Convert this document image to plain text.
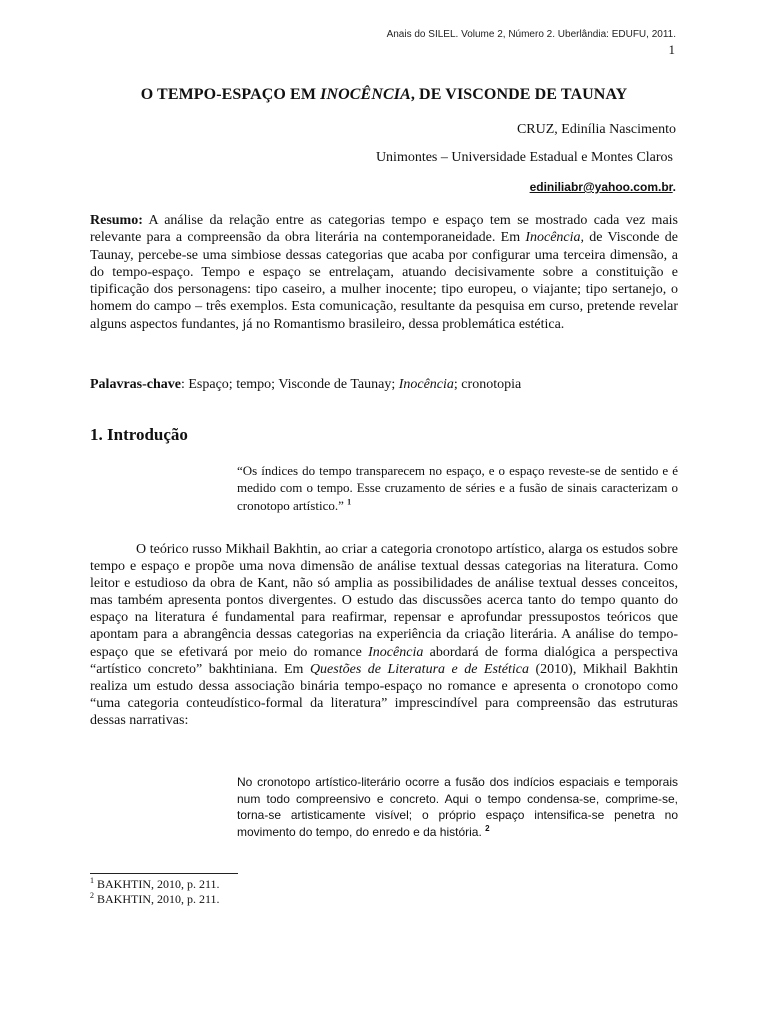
Anais do SILEL. Volume 2, Número 2. Uberlândia: EDUFU, 2011.
1
O TEMPO-ESPAÇO EM INOCÊNCIA, DE VISCONDE DE TAUNAY
CRUZ, Edinília Nascimento
Unimontes – Universidade Estadual e Montes Claros
ediniliabr@yahoo.com.br.
Resumo: A análise da relação entre as categorias tempo e espaço tem se mostrado cada vez mais relevante para a compreensão da obra literária na contemporaneidade. Em Inocência, de Visconde de Taunay, percebe-se uma simbiose dessas categorias que acaba por configurar uma terceira dimensão, a do tempo-espaço. Tempo e espaço se entrelaçam, atuando decisivamente sobre a constituição e tipificação dos personagens: tipo caseiro, a mulher inocente; tipo europeu, o viajante; tipo sertanejo, o homem do campo – três exemplos. Esta comunicação, resultante da pesquisa em curso, pretende revelar alguns aspectos fundantes, já no Romantismo brasileiro, dessa problemática estética.
Palavras-chave: Espaço; tempo; Visconde de Taunay; Inocência; cronotopia
1. Introdução
“Os índices do tempo transparecem no espaço, e o espaço reveste-se de sentido e é medido com o tempo. Esse cruzamento de séries e a fusão de sinais caracterizam o cronotopo artístico.” $^1$
O teórico russo Mikhail Bakhtin, ao criar a categoria cronotopo artístico, alarga os estudos sobre tempo e espaço e propõe uma nova dimensão de análise textual dessas categorias na literatura. Como leitor e estudioso da obra de Kant, não só amplia as possibilidades de análise textual desses conceitos, mas também apresenta pontos divergentes. O estudo das discussões acerca tanto do tempo quanto do espaço na literatura é fundamental para reafirmar, repensar e aprofundar pressupostos teóricos que apontam para a abrangência dessas categorias na experiência da criação literária. A análise do tempo-espaço que se efetivará por meio do romance Inocência abordará de forma dialógica a perspectiva “artístico concreto” bakhtiniana. Em Questões de Literatura e de Estética (2010), Mikhail Bakhtin realiza um estudo dessa associação binária tempo-espaço no romance e apresenta o cronotopo como “uma categoria conteudístico-formal da literatura” imprescindível para compreensão das estruturas dessas narrativas:
No cronotopo artístico-literário ocorre a fusão dos indícios espaciais e temporais num todo compreensivo e concreto. Aqui o tempo condensa-se, comprime-se, torna-se artisticamente visível; o próprio espaço intensifica-se penetra no movimento do tempo, do enredo e da história. $^2$
$^1$ BAKHTIN, 2010, p. 211.
$^2$ BAKHTIN, 2010, p. 211.
